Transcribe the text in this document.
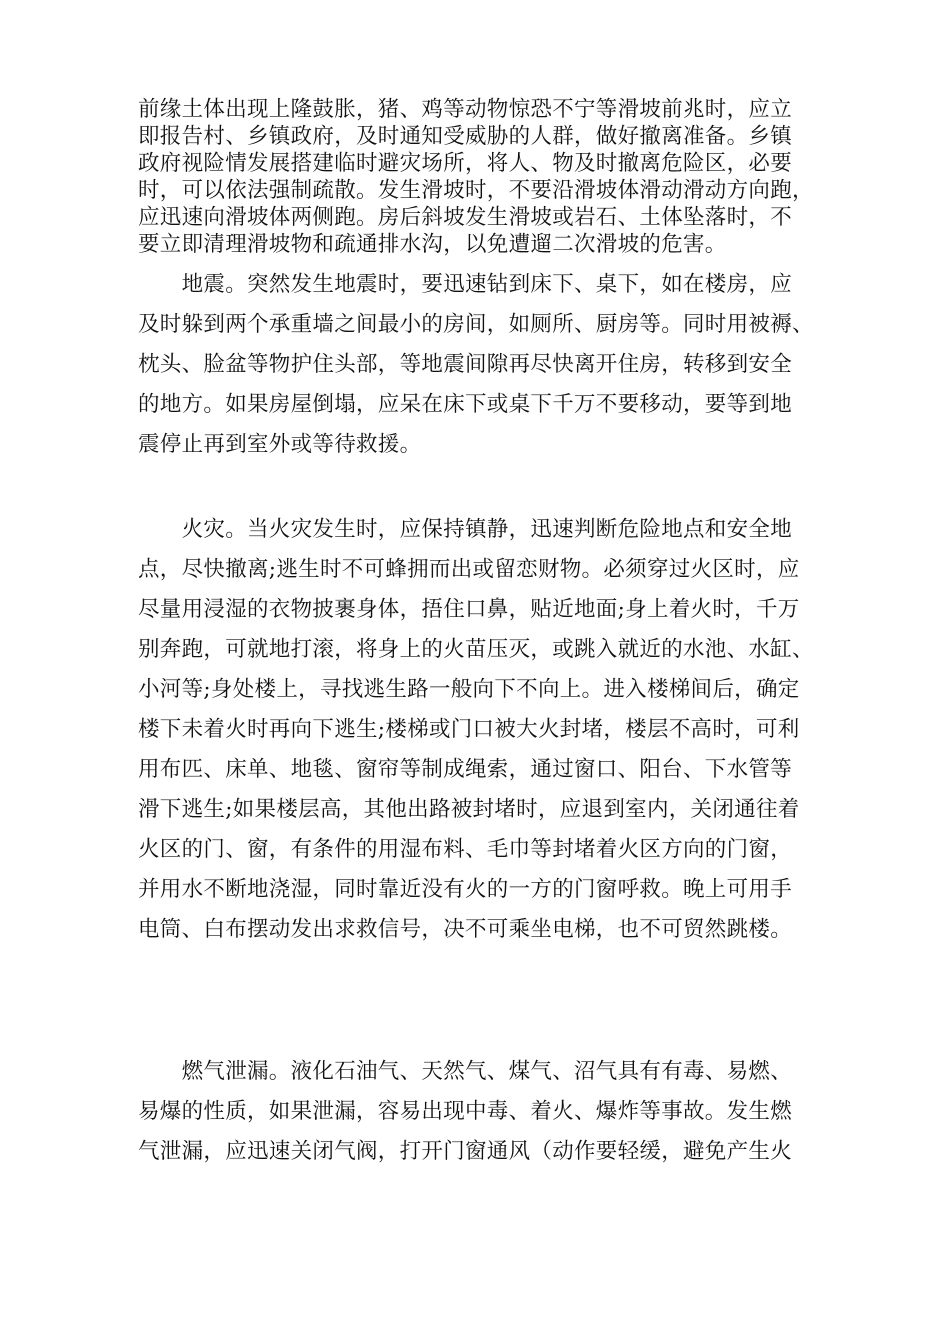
前缘土体出现上隆鼓胀，猪、鸡等动物惊恐不宁等滑坡前兆时，应立
即报告村、乡镇政府，及时通知受威胁的人群，做好撤离准备。乡镇
政府视险情发展搭建临时避灾场所，将人、物及时撤离危险区，必要
时，可以依法强制疏散。发生滑坡时，不要沿滑坡体滑动滑动方向跑，
应迅速向滑坡体两侧跑。房后斜坡发生滑坡或岩石、土体坠落时，不
要立即清理滑坡物和疏通排水沟，以免遭遛二次滑坡的危害。
　　地震。突然发生地震时，要迅速钻到床下、桌下，如在楼房，应
及时躲到两个承重墙之间最小的房间，如厕所、厨房等。同时用被褥、
枕头、脸盆等物护住头部，等地震间隙再尽快离开住房，转移到安全
的地方。如果房屋倒塌，应呆在床下或桌下千万不要移动，要等到地
震停止再到室外或等待救援。
　　火灾。当火灾发生时，应保持镇静，迅速判断危险地点和安全地
点，尽快撤离;逃生时不可蜂拥而出或留恋财物。必须穿过火区时，应
尽量用浸湿的衣物披裹身体，捂住口鼻，贴近地面;身上着火时，千万
别奔跑，可就地打滚，将身上的火苗压灭，或跳入就近的水池、水缸、
小河等;身处楼上，寻找逃生路一般向下不向上。进入楼梯间后，确定
楼下未着火时再向下逃生;楼梯或门口被大火封堵，楼层不高时，可利
用布匹、床单、地毯、窗帘等制成绳索，通过窗口、阳台、下水管等
滑下逃生;如果楼层高，其他出路被封堵时，应退到室内，关闭通往着
火区的门、窗，有条件的用湿布料、毛巾等封堵着火区方向的门窗，
并用水不断地浇湿，同时靠近没有火的一方的门窗呼救。晚上可用手
电筒、白布摆动发出求救信号，决不可乘坐电梯，也不可贸然跳楼。
　　燃气泄漏。液化石油气、天然气、煤气、沼气具有有毒、易燃、
易爆的性质，如果泄漏，容易出现中毒、着火、爆炸等事故。发生燃
气泄漏，应迅速关闭气阀，打开门窗通风（动作要轻缓，避免产生火
